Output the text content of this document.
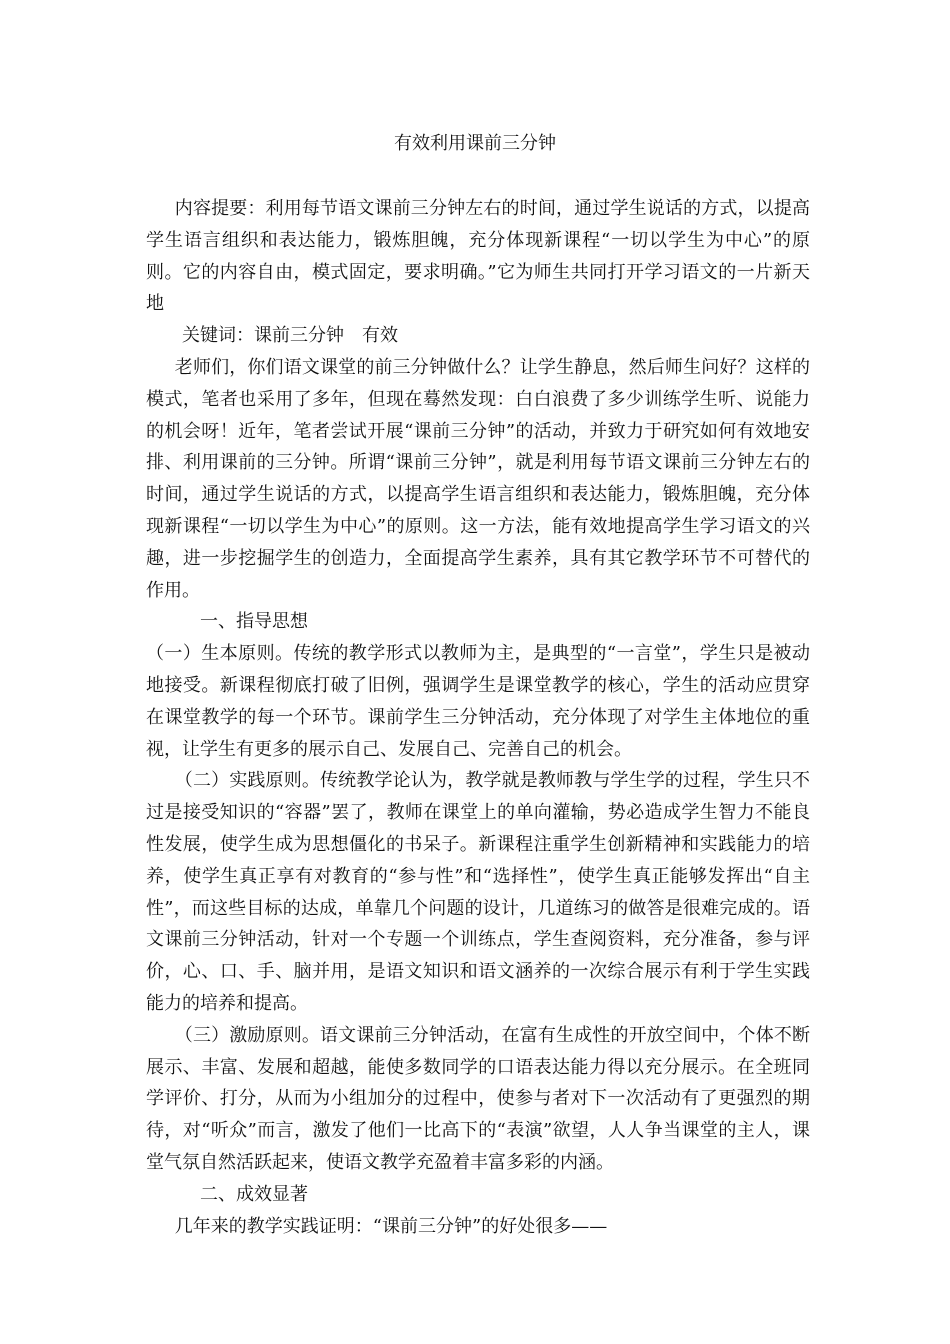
有效利用课前三分钟

内容提要：利用每节语文课前三分钟左右的时间，通过学生说话的方式，以提高学生语言组织和表达能力，锻炼胆魄，充分体现新课程“一切以学生为中心”的原则。它的内容自由，模式固定，要求明确。”它为师生共同打开学习语文的一片新天地

关键词：课前三分钟　有效

老师们，你们语文课堂的前三分钟做什么？让学生静息，然后师生问好？这样的模式，笔者也采用了多年，但现在蓦然发现：白白浪费了多少训练学生听、说能力的机会呀！近年，笔者尝试开展“课前三分钟”的活动，并致力于研究如何有效地安排、利用课前的三分钟。所谓“课前三分钟”，就是利用每节语文课前三分钟左右的时间，通过学生说话的方式，以提高学生语言组织和表达能力，锻炼胆魄，充分体现新课程“一切以学生为中心”的原则。这一方法，能有效地提高学生学习语文的兴趣，进一步挖掘学生的创造力，全面提高学生素养，具有其它教学环节不可替代的作用。

一、指导思想

（一）生本原则。传统的教学形式以教师为主，是典型的“一言堂”，学生只是被动地接受。新课程彻底打破了旧例，强调学生是课堂教学的核心，学生的活动应贯穿在课堂教学的每一个环节。课前学生三分钟活动，充分体现了对学生主体地位的重视，让学生有更多的展示自己、发展自己、完善自己的机会。

（二）实践原则。传统教学论认为，教学就是教师教与学生学的过程，学生只不过是接受知识的“容器”罢了，教师在课堂上的单向灌输，势必造成学生智力不能良性发展，使学生成为思想僵化的书呆子。新课程注重学生创新精神和实践能力的培养，使学生真正享有对教育的“参与性”和“选择性”，使学生真正能够发挥出“自主性”，而这些目标的达成，单靠几个问题的设计，几道练习的做答是很难完成的。语文课前三分钟活动，针对一个专题一个训练点，学生查阅资料，充分准备，参与评价，心、口、手、脑并用，是语文知识和语文涵养的一次综合展示有利于学生实践能力的培养和提高。

（三）激励原则。语文课前三分钟活动，在富有生成性的开放空间中，个体不断展示、丰富、发展和超越，能使多数同学的口语表达能力得以充分展示。在全班同学评价、打分，从而为小组加分的过程中，使参与者对下一次活动有了更强烈的期待，对“听众”而言，激发了他们一比高下的“表演”欲望，人人争当课堂的主人，课堂气氛自然活跃起来，使语文教学充盈着丰富多彩的内涵。

二、成效显著

几年来的教学实践证明：“课前三分钟”的好处很多——
